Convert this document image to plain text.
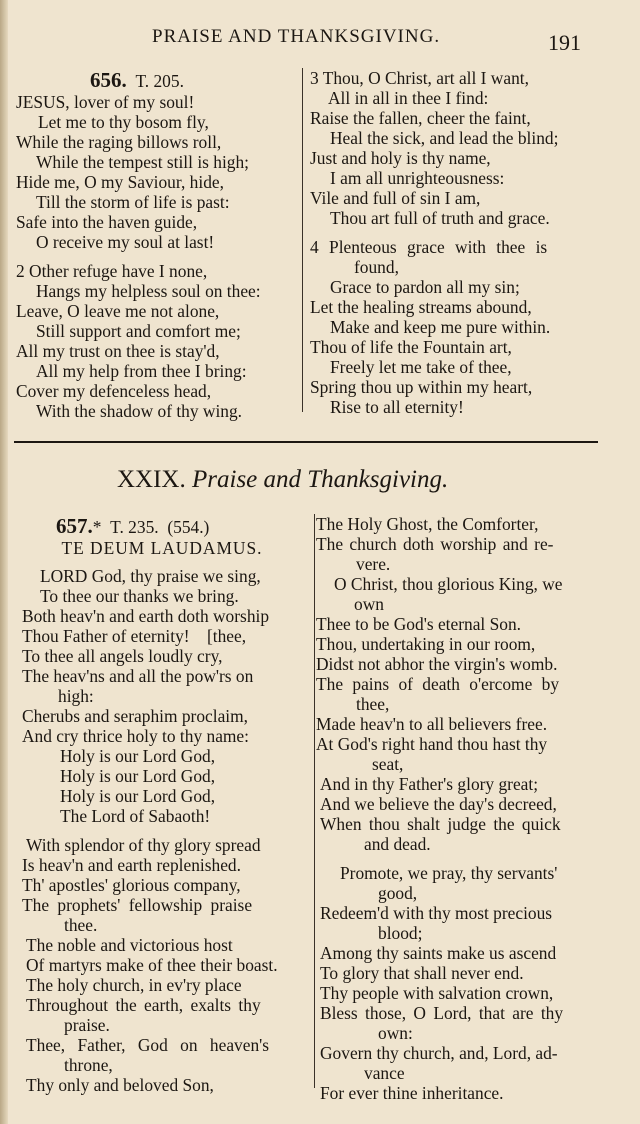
PRAISE AND THANKSGIVING.	191
656. T. 205.
JESUS, lover of my soul!
Let me to thy bosom fly,
While the raging billows roll,
While the tempest still is high;
Hide me, O my Saviour, hide,
Till the storm of life is past:
Safe into the haven guide,
O receive my soul at last!
2 Other refuge have I none,
Hangs my helpless soul on thee:
Leave, O leave me not alone,
Still support and comfort me;
All my trust on thee is stay'd,
All my help from thee I bring:
Cover my defenceless head,
With the shadow of thy wing.
3 Thou, O Christ, art all I want,
All in all in thee I find:
Raise the fallen, cheer the faint,
Heal the sick, and lead the blind;
Just and holy is thy name,
I am all unrighteousness:
Vile and full of sin I am,
Thou art full of truth and grace.
4 Plenteous grace with thee is
found,
Grace to pardon all my sin;
Let the healing streams abound,
Make and keep me pure within.
Thou of life the Fountain art,
Freely let me take of thee,
Spring thou up within my heart,
Rise to all eternity!
XXIX. Praise and Thanksgiving.
657.* T. 235. (554.)
TE DEUM LAUDAMUS.
LORD God, thy praise we sing,
To thee our thanks we bring.
Both heav'n and earth doth worship
Thou Father of eternity!    [thee,
To thee all angels loudly cry,
The heav'ns and all the pow'rs on
high:
Cherubs and seraphim proclaim,
And cry thrice holy to thy name:
Holy is our Lord God,
Holy is our Lord God,
Holy is our Lord God,
The Lord of Sabaoth!
With splendor of thy glory spread
Is heav'n and earth replenished.
Th' apostles' glorious company,
The prophets' fellowship praise
thee.
The noble and victorious host
Of martyrs make of thee their boast.
The holy church, in ev'ry place
Throughout the earth, exalts thy
praise.
Thee, Father, God on heaven's
throne,
Thy only and beloved Son,
The Holy Ghost, the Comforter,
The church doth worship and re-
vere.
O Christ, thou glorious King, we
own
Thee to be God's eternal Son.
Thou, undertaking in our room,
Didst not abhor the virgin's womb.
The pains of death o'ercome by
thee,
Made heav'n to all believers free.
At God's right hand thou hast thy
seat,
And in thy Father's glory great;
And we believe the day's decreed,
When thou shalt judge the quick
and dead.
Promote, we pray, thy servants'
good,
Redeem'd with thy most precious
blood;
Among thy saints make us ascend
To glory that shall never end.
Thy people with salvation crown,
Bless those, O Lord, that are thy
own:
Govern thy church, and, Lord, ad-
vance
For ever thine inheritance.
